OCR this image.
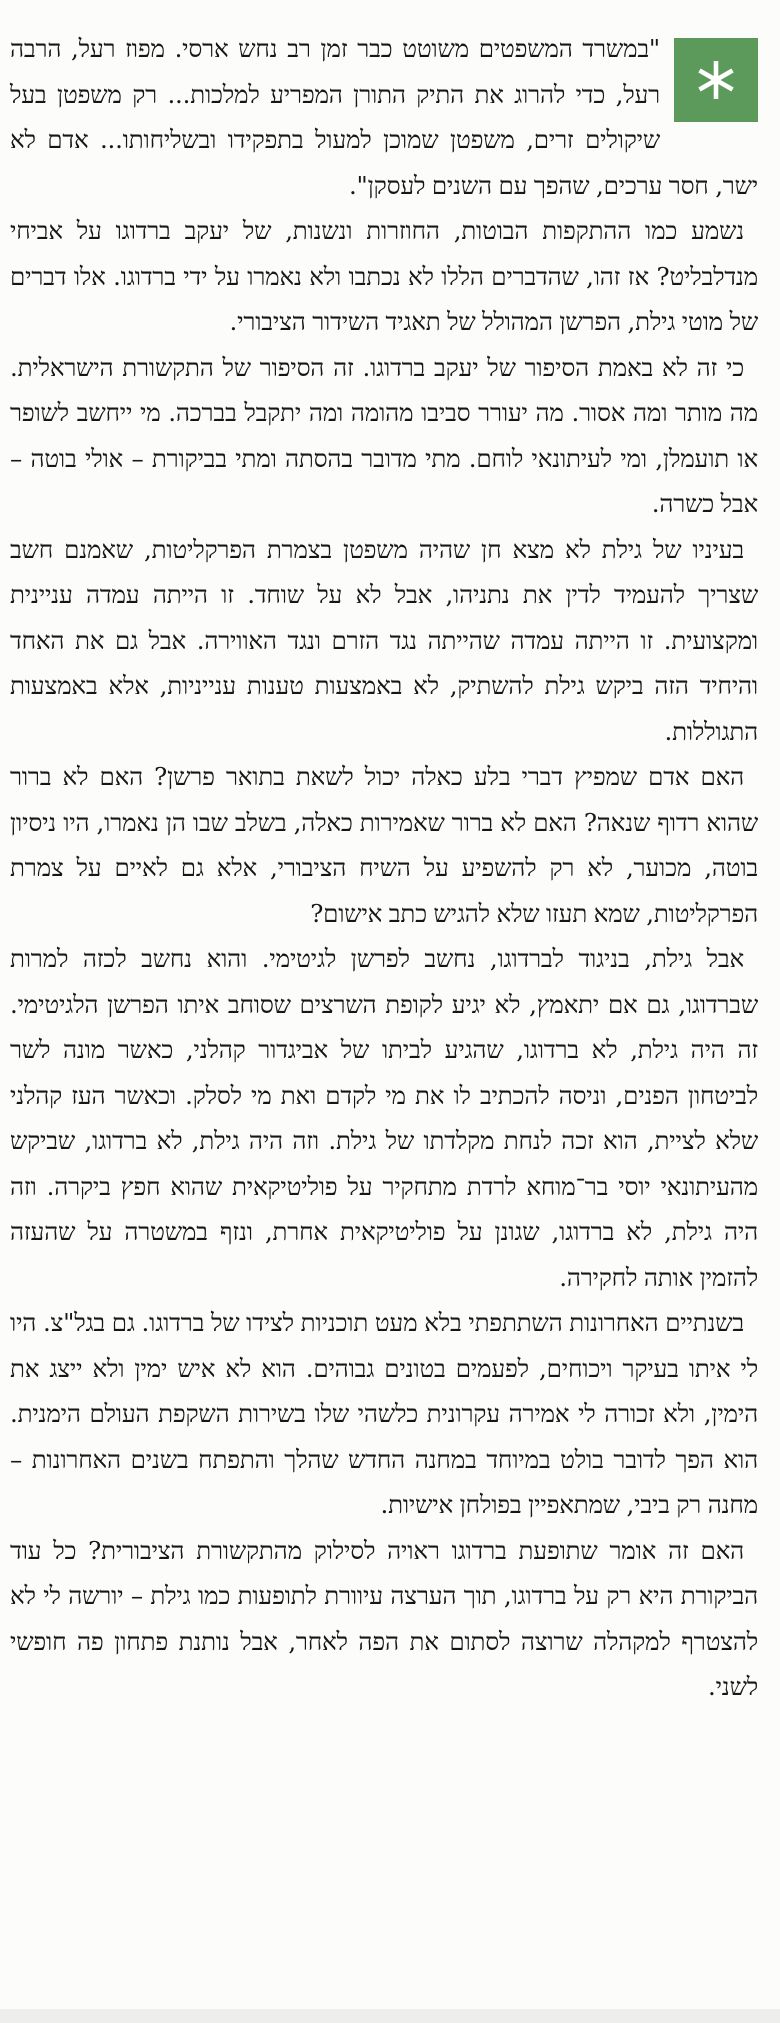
"במשרד המשפטים משוטט כבר זמן רב נחש ארסי. מפוז רעל, הרבה רעל, כדי להרוג את התיק התורן המפריע למלכות... רק משפטן בעל שיקולים זרים, משפטן שמוכן למעול בתפקידו ובשליחותו... אדם לא ישר, חסר ערכים, שהפך עם השנים לעסקן".

נשמע כמו ההתקפות הבוטות, החוזרות ונשנות, של יעקב ברדוגו על אביחי מנדלבליט? אז זהו, שהדברים הללו לא נכתבו ולא נאמרו על ידי ברדוגו. אלו דברים של מוטי גילת, הפרשן המהולל של תאגיד השידור הציבורי.

כי זה לא באמת הסיפור של יעקב ברדוגו. זה הסיפור של התקשורת הישראלית. מה מותר ומה אסור. מה יעורר סביבו מהומה ומה יתקבל בברכה. מי ייחשב לשופר או תועמלן, ומי לעיתונאי לוחם. מתי מדובר בהסתה ומתי בביקורת – אולי בוטה – אבל כשרה.

בעיניו של גילת לא מצא חן שהיה משפטן בצמרת הפרקליטות, שאמנם חשב שצריך להעמיד לדין את נתניהו, אבל לא על שוחד. זו הייתה עמדה עניינית ומקצועית. זו הייתה עמדה שהייתה נגד הזרם ונגד האווירה. אבל גם את האחד והיחיד הזה ביקש גילת להשתיק, לא באמצעות טענות ענייניות, אלא באמצעות התגוללות.

האם אדם שמפיץ דברי בלע כאלה יכול לשאת בתואר פרשן? האם לא ברור שהוא רדוף שנאה? האם לא ברור שאמירות כאלה, בשלב שבו הן נאמרו, היו ניסיון בוטה, מכוער, לא רק להשפיע על השיח הציבורי, אלא גם לאיים על צמרת הפרקליטות, שמא תעזו שלא להגיש כתב אישום?

אבל גילת, בניגוד לברדוגו, נחשב לפרשן לגיטימי. והוא נחשב לכזה למרות שברדוגו, גם אם יתאמץ, לא יגיע לקופת השרצים שסוחב איתו הפרשן הלגיטימי. זה היה גילת, לא ברדוגו, שהגיע לביתו של אביגדור קהלני, כאשר מונה לשר לביטחון הפנים, וניסה להכתיב לו את מי לקדם ואת מי לסלק. וכאשר העז קהלני שלא לציית, הוא זכה לנחת מקלדתו של גילת. וזה היה גילת, לא ברדוגו, שביקש מהעיתונאי יוסי בר־מוחא לרדת מתחקיר על פוליטיקאית שהוא חפץ ביקרה. וזה היה גילת, לא ברדוגו, שגונן על פוליטיקאית אחרת, ונזף במשטרה על שהעזה להזמין אותה לחקירה.

בשנתיים האחרונות השתתפתי בלא מעט תוכניות לצידו של ברדוגו. גם בגל"צ. היו לי איתו בעיקר ויכוחים, לפעמים בטונים גבוהים. הוא לא איש ימין ולא ייצג את הימין, ולא זכורה לי אמירה עקרונית כלשהי שלו בשירות השקפת העולם הימנית. הוא הפך לדובר בולט במיוחד במחנה החדש שהלך והתפתח בשנים האחרונות – מחנה רק ביבי, שמתאפיין בפולחן אישיות.

האם זה אומר שתופעת ברדוגו ראויה לסילוק מהתקשורת הציבורית? כל עוד הביקורת היא רק על ברדוגו, תוך הערצה עיוורת לתופעות כמו גילת – יורשה לי לא להצטרף למקהלה שרוצה לסתום את הפה לאחר, אבל נותנת פתחון פה חופשי לשני.
